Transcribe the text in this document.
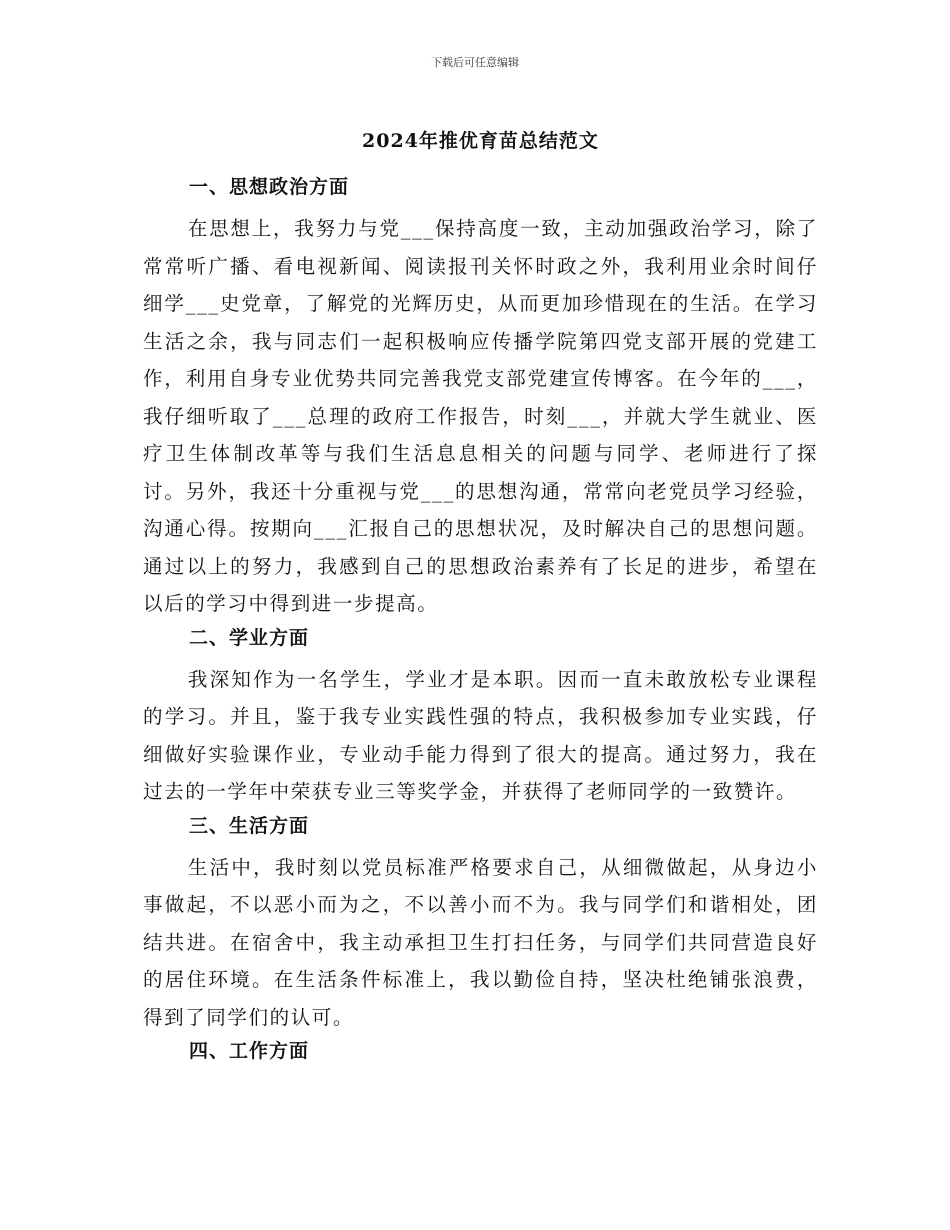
下载后可任意编辑
2024年推优育苗总结范文
一、思想政治方面

在思想上，我努力与党___保持高度一致，主动加强政治学习，除了常常听广播、看电视新闻、阅读报刊关怀时政之外，我利用业余时间仔细学___史党章，了解党的光辉历史，从而更加珍惜现在的生活。在学习生活之余，我与同志们一起积极响应传播学院第四党支部开展的党建工作，利用自身专业优势共同完善我党支部党建宣传博客。在今年的___，我仔细听取了___总理的政府工作报告，时刻___，并就大学生就业、医疗卫生体制改革等与我们生活息息相关的问题与同学、老师进行了探讨。另外，我还十分重视与党___的思想沟通，常常向老党员学习经验，沟通心得。按期向___汇报自己的思想状况，及时解决自己的思想问题。通过以上的努力，我感到自己的思想政治素养有了长足的进步，希望在以后的学习中得到进一步提高。

二、学业方面

我深知作为一名学生，学业才是本职。因而一直未敢放松专业课程的学习。并且，鉴于我专业实践性强的特点，我积极参加专业实践，仔细做好实验课作业，专业动手能力得到了很大的提高。通过努力，我在过去的一学年中荣获专业三等奖学金，并获得了老师同学的一致赞许。

三、生活方面

生活中，我时刻以党员标准严格要求自己，从细微做起，从身边小事做起，不以恶小而为之，不以善小而不为。我与同学们和谐相处，团结共进。在宿舍中，我主动承担卫生打扫任务，与同学们共同营造良好的居住环境。在生活条件标准上，我以勤俭自持，坚决杜绝铺张浪费，得到了同学们的认可。

四、工作方面
